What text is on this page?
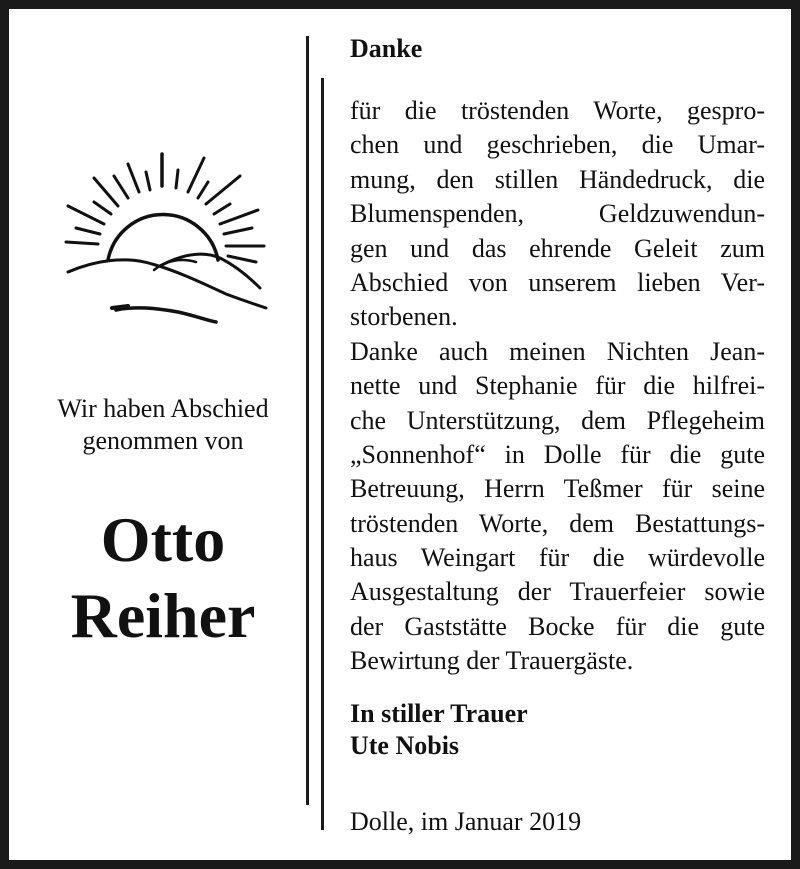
Wir haben Abschied
genommen von
Otto
Reiher
Danke
für die tröstenden Worte, gespro-
chen und geschrieben, die Umar-
mung, den stillen Händedruck, die
Blumenspenden, Geldzuwendun-
gen und das ehrende Geleit zum
Abschied von unserem lieben Ver-
storbenen.
Danke auch meinen Nichten Jean-
nette und Stephanie für die hilfrei-
che Unterstützung, dem Pflegeheim
„Sonnenhof“ in Dolle für die gute
Betreuung, Herrn Teßmer für seine
tröstenden Worte, dem Bestattungs-
haus Weingart für die würdevolle
Ausgestaltung der Trauerfeier sowie
der Gaststätte Bocke für die gute
Bewirtung der Trauergäste.
In stiller Trauer
Ute Nobis
Dolle, im Januar 2019
